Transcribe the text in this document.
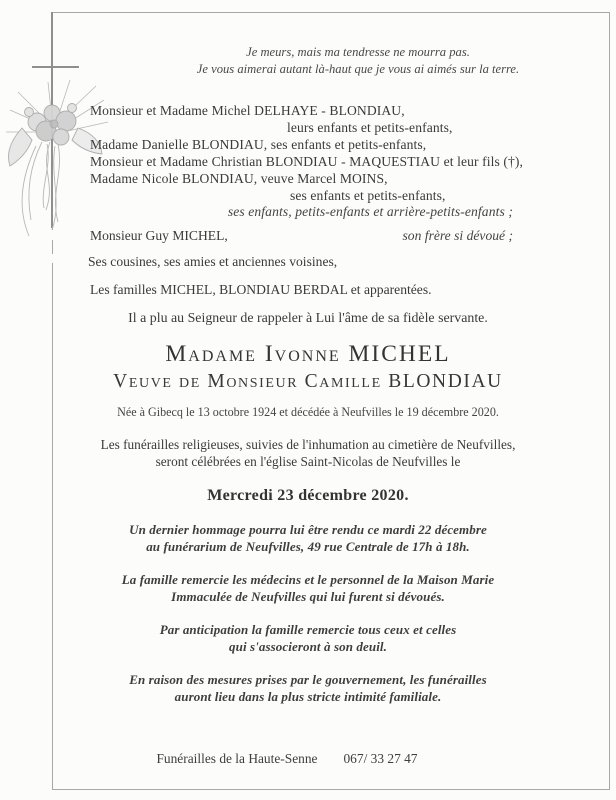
Je meurs, mais ma tendresse ne mourra pas.
Je vous aimerai autant là-haut que je vous ai aimés sur la terre.
Monsieur et Madame Michel DELHAYE - BLONDIAU,
leurs enfants et petits-enfants,
Madame Danielle BLONDIAU, ses enfants et petits-enfants,
Monsieur et Madame Christian BLONDIAU - MAQUESTIAU et leur fils (†),
Madame Nicole BLONDIAU, veuve Marcel MOINS,
ses enfants et petits-enfants,
ses enfants, petits-enfants et arrière-petits-enfants ;
Monsieur Guy MICHEL,	son frère si dévoué ;
Ses cousines, ses amies et anciennes voisines,
Les familles MICHEL, BLONDIAU BERDAL et apparentées.
Il a plu au Seigneur de rappeler à Lui l'âme de sa fidèle servante.
Madame Ivonne MICHEL
Veuve de Monsieur Camille BLONDIAU
Née à Gibecq le 13 octobre 1924 et décédée à Neufvilles le 19 décembre 2020.
Les funérailles religieuses, suivies de l'inhumation au cimetière de Neufvilles,
seront célébrées en l'église Saint-Nicolas de Neufvilles le
Mercredi 23 décembre 2020.
Un dernier hommage pourra lui être rendu ce mardi 22 décembre
au funérarium de Neufvilles, 49 rue Centrale de 17h à 18h.
La famille remercie les médecins et le personnel de la Maison Marie
Immaculée de Neufvilles qui lui furent si dévoués.
Par anticipation la famille remercie tous ceux et celles
qui s'associeront à son deuil.
En raison des mesures prises par le gouvernement, les funérailles
auront lieu dans la plus stricte intimité familiale.
Funérailles de la Haute-Senne 067/ 33 27 47
